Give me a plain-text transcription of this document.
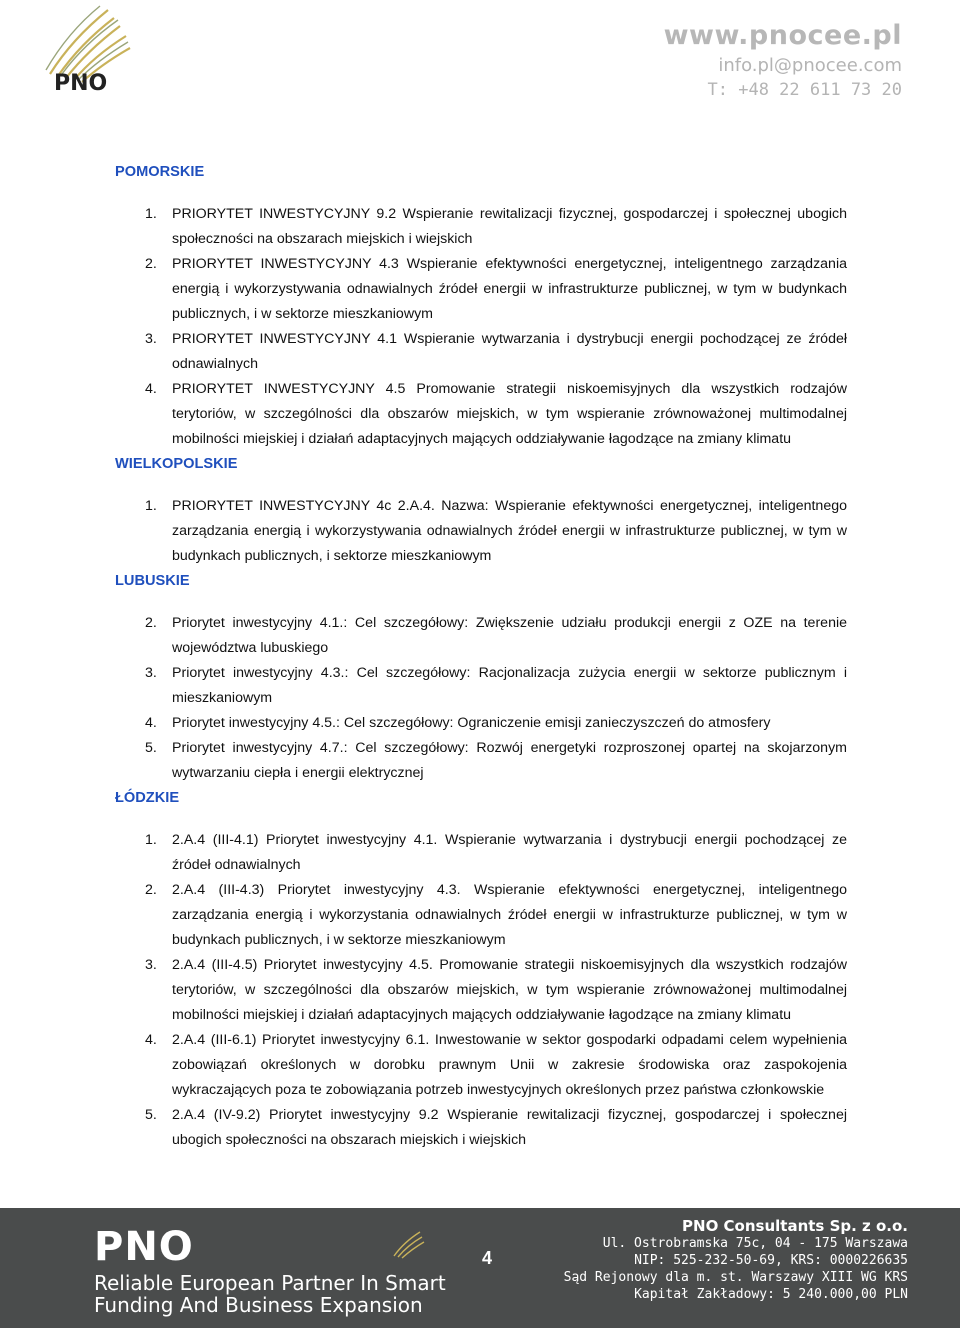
PNO
www.pnocee.pl
info.pl@pnocee.com
T: +48 22 611 73 20
POMORSKIE
1. PRIORYTET INWESTYCYJNY 9.2 Wspieranie rewitalizacji fizycznej, gospodarczej i społecznej ubogich społeczności na obszarach miejskich i wiejskich
2. PRIORYTET INWESTYCYJNY 4.3 Wspieranie efektywności energetycznej, inteligentnego zarządzania energią i wykorzystywania odnawialnych źródeł energii w infrastrukturze publicznej, w tym w budynkach publicznych, i w sektorze mieszkaniowym
3. PRIORYTET INWESTYCYJNY 4.1 Wspieranie wytwarzania i dystrybucji energii pochodzącej ze źródeł odnawialnych
4. PRIORYTET INWESTYCYJNY 4.5 Promowanie strategii niskoemisyjnych dla wszystkich rodzajów terytoriów, w szczególności dla obszarów miejskich, w tym wspieranie zrównoważonej multimodalnej mobilności miejskiej i działań adaptacyjnych mających oddziaływanie łagodzące na zmiany klimatu
WIELKOPOLSKIE
1. PRIORYTET INWESTYCYJNY 4c 2.A.4. Nazwa: Wspieranie efektywności energetycznej, inteligentnego zarządzania energią i wykorzystywania odnawialnych źródeł energii w infrastrukturze publicznej, w tym w budynkach publicznych, i sektorze mieszkaniowym
LUBUSKIE
2. Priorytet inwestycyjny 4.1.: Cel szczegółowy: Zwiększenie udziału produkcji energii z OZE na terenie województwa lubuskiego
3. Priorytet inwestycyjny 4.3.: Cel szczegółowy: Racjonalizacja zużycia energii w sektorze publicznym i mieszkaniowym
4. Priorytet inwestycyjny 4.5.: Cel szczegółowy: Ograniczenie emisji zanieczyszczeń do atmosfery
5. Priorytet inwestycyjny 4.7.: Cel szczegółowy: Rozwój energetyki rozproszonej opartej na skojarzonym wytwarzaniu ciepła i energii elektrycznej
ŁÓDZKIE
1. 2.A.4 (III-4.1) Priorytet inwestycyjny 4.1. Wspieranie wytwarzania i dystrybucji energii pochodzącej ze źródeł odnawialnych
2. 2.A.4 (III-4.3) Priorytet inwestycyjny 4.3. Wspieranie efektywności energetycznej, inteligentnego zarządzania energią i wykorzystania odnawialnych źródeł energii w infrastrukturze publicznej, w tym w budynkach publicznych, i w sektorze mieszkaniowym
3. 2.A.4 (III-4.5) Priorytet inwestycyjny 4.5. Promowanie strategii niskoemisyjnych dla wszystkich rodzajów terytoriów, w szczególności dla obszarów miejskich, w tym wspieranie zrównoważonej multimodalnej mobilności miejskiej i działań adaptacyjnych mających oddziaływanie łagodzące na zmiany klimatu
4. 2.A.4 (III-6.1) Priorytet inwestycyjny 6.1. Inwestowanie w sektor gospodarki odpadami celem wypełnienia zobowiązań określonych w dorobku prawnym Unii w zakresie środowiska oraz zaspokojenia wykraczających poza te zobowiązania potrzeb inwestycyjnych określonych przez państwa członkowskie
5. 2.A.4 (IV-9.2) Priorytet inwestycyjny 9.2 Wspieranie rewitalizacji fizycznej, gospodarczej i społecznej ubogich społeczności na obszarach miejskich i wiejskich
PNO
Reliable European Partner In Smart
Funding And Business Expansion
4
PNO Consultants Sp. z o.o.
Ul. Ostrobramska 75c, 04 - 175 Warszawa
NIP: 525-232-50-69, KRS: 0000226635
Sąd Rejonowy dla m. st. Warszawy XIII WG KRS
Kapitał Zakładowy: 5 240.000,00 PLN
